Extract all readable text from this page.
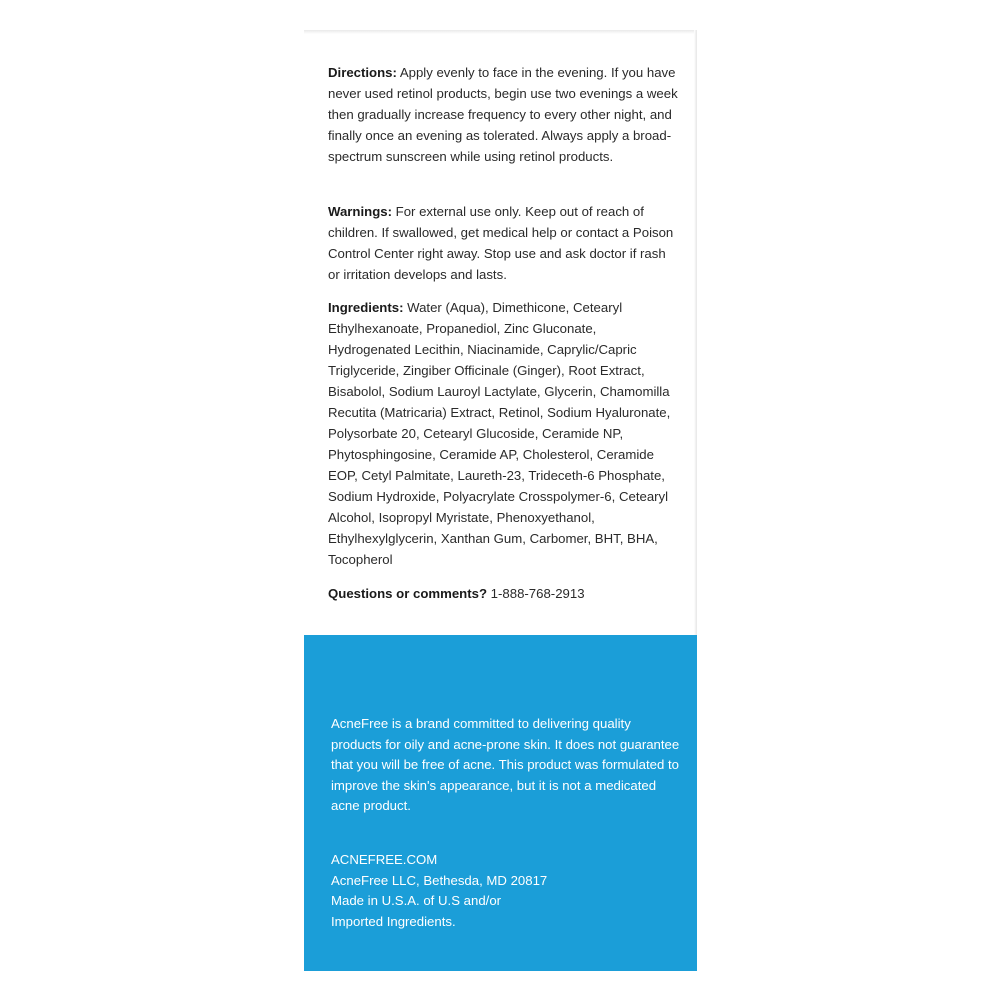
Directions: Apply evenly to face in the evening. If you have never used retinol products, begin use two evenings a week then gradually increase frequency to every other night, and finally once an evening as tolerated. Always apply a broad-spectrum sunscreen while using retinol products.
Warnings: For external use only. Keep out of reach of children. If swallowed, get medical help or contact a Poison Control Center right away. Stop use and ask doctor if rash or irritation develops and lasts.
Ingredients: Water (Aqua), Dimethicone, Cetearyl Ethylhexanoate, Propanediol, Zinc Gluconate, Hydrogenated Lecithin, Niacinamide, Caprylic/Capric Triglyceride, Zingiber Officinale (Ginger), Root Extract, Bisabolol, Sodium Lauroyl Lactylate, Glycerin, Chamomilla Recutita (Matricaria) Extract, Retinol, Sodium Hyaluronate, Polysorbate 20, Cetearyl Glucoside, Ceramide NP, Phytosphingosine, Ceramide AP, Cholesterol, Ceramide EOP, Cetyl Palmitate, Laureth-23, Trideceth-6 Phosphate, Sodium Hydroxide, Polyacrylate Crosspolymer-6, Cetearyl Alcohol, Isopropyl Myristate, Phenoxyethanol, Ethylhexylglycerin, Xanthan Gum, Carbomer, BHT, BHA, Tocopherol
Questions or comments? 1-888-768-2913
AcneFree is a brand committed to delivering quality products for oily and acne-prone skin. It does not guarantee that you will be free of acne. This product was formulated to improve the skin's appearance, but it is not a medicated acne product.
ACNEFREE.COM
AcneFree LLC, Bethesda, MD 20817
Made in U.S.A. of U.S and/or
Imported Ingredients.
